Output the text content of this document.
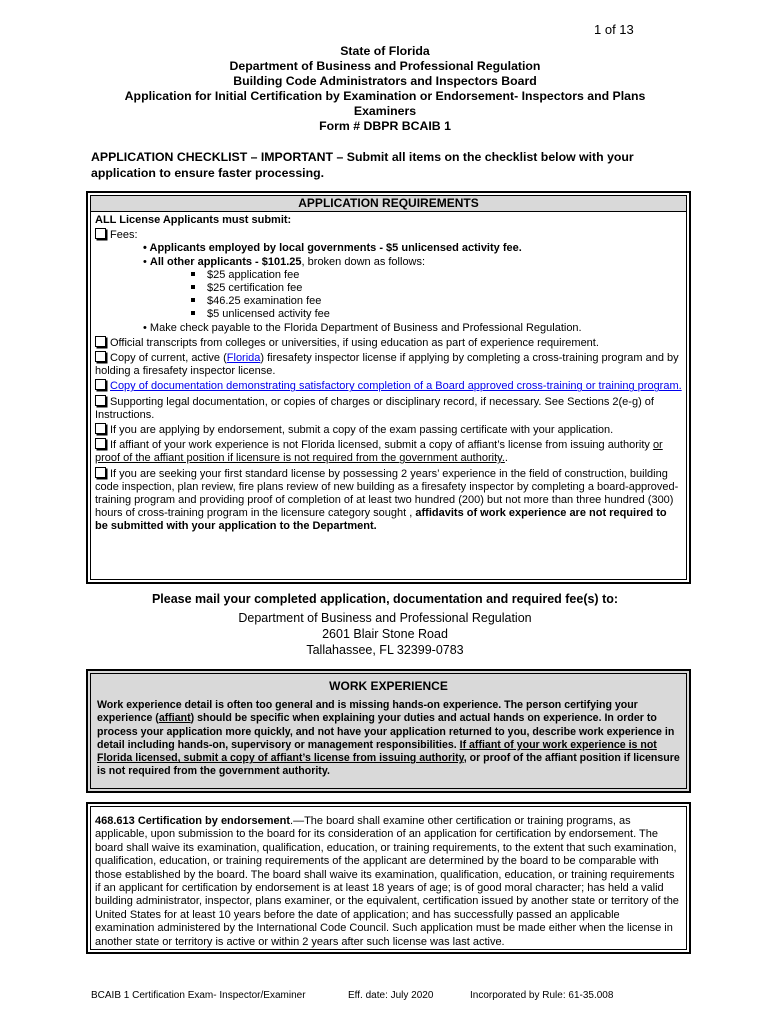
1 of 13
State of Florida
Department of Business and Professional Regulation
Building Code Administrators and Inspectors Board
Application for Initial Certification by Examination or Endorsement- Inspectors and Plans
Examiners
Form # DBPR BCAIB 1
APPLICATION CHECKLIST – IMPORTANT – Submit all items on the checklist below with your application to ensure faster processing.
APPLICATION REQUIREMENTS
ALL License Applicants must submit:
Fees:
• Applicants employed by local governments - $5 unlicensed activity fee.
• All other applicants - $101.25, broken down as follows:
$25 application fee
$25 certification fee
$46.25 examination fee
$5 unlicensed activity fee
• Make check payable to the Florida Department of Business and Professional Regulation.
Official transcripts from colleges or universities, if using education as part of experience requirement.
Copy of current, active (Florida) firesafety inspector license if applying by completing a cross-training program and by holding a firesafety inspector license.
Copy of documentation demonstrating satisfactory completion of a Board approved cross-training or training program.
Supporting legal documentation, or copies of charges or disciplinary record, if necessary. See Sections 2(e-g) of Instructions.
If you are applying by endorsement, submit a copy of the exam passing certificate with your application.
If affiant of your work experience is not Florida licensed, submit a copy of affiant’s license from issuing authority or proof of the affiant position if licensure is not required from the government authority..
If you are seeking your first standard license by possessing 2 years’ experience in the field of construction, building code inspection, plan review, fire plans review of new building as a firesafety inspector by completing a board-approved-training program and providing proof of completion of at least two hundred (200) but not more than three hundred (300) hours of cross-training program in the licensure category sought , affidavits of work experience are not required to be submitted with your application to the Department.
Please mail your completed application, documentation and required fee(s) to:
Department of Business and Professional Regulation
2601 Blair Stone Road
Tallahassee, FL 32399-0783
WORK EXPERIENCE
Work experience detail is often too general and is missing hands-on experience. The person certifying your experience (affiant) should be specific when explaining your duties and actual hands on experience. In order to process your application more quickly, and not have your application returned to you, describe work experience in detail including hands-on, supervisory or management responsibilities. If affiant of your work experience is not Florida licensed, submit a copy of affiant’s license from issuing authority, or proof of the affiant position if licensure is not required from the government authority.
468.613 Certification by endorsement.—The board shall examine other certification or training programs, as applicable, upon submission to the board for its consideration of an application for certification by endorsement. The board shall waive its examination, qualification, education, or training requirements, to the extent that such examination, qualification, education, or training requirements of the applicant are determined by the board to be comparable with those established by the board. The board shall waive its examination, qualification, education, or training requirements if an applicant for certification by endorsement is at least 18 years of age; is of good moral character; has held a valid building administrator, inspector, plans examiner, or the equivalent, certification issued by another state or territory of the United States for at least 10 years before the date of application; and has successfully passed an applicable examination administered by the International Code Council. Such application must be made either when the license in another state or territory is active or within 2 years after such license was last active.
BCAIB 1 Certification Exam- Inspector/Examiner	Eff. date: July 2020	Incorporated by Rule: 61-35.008
